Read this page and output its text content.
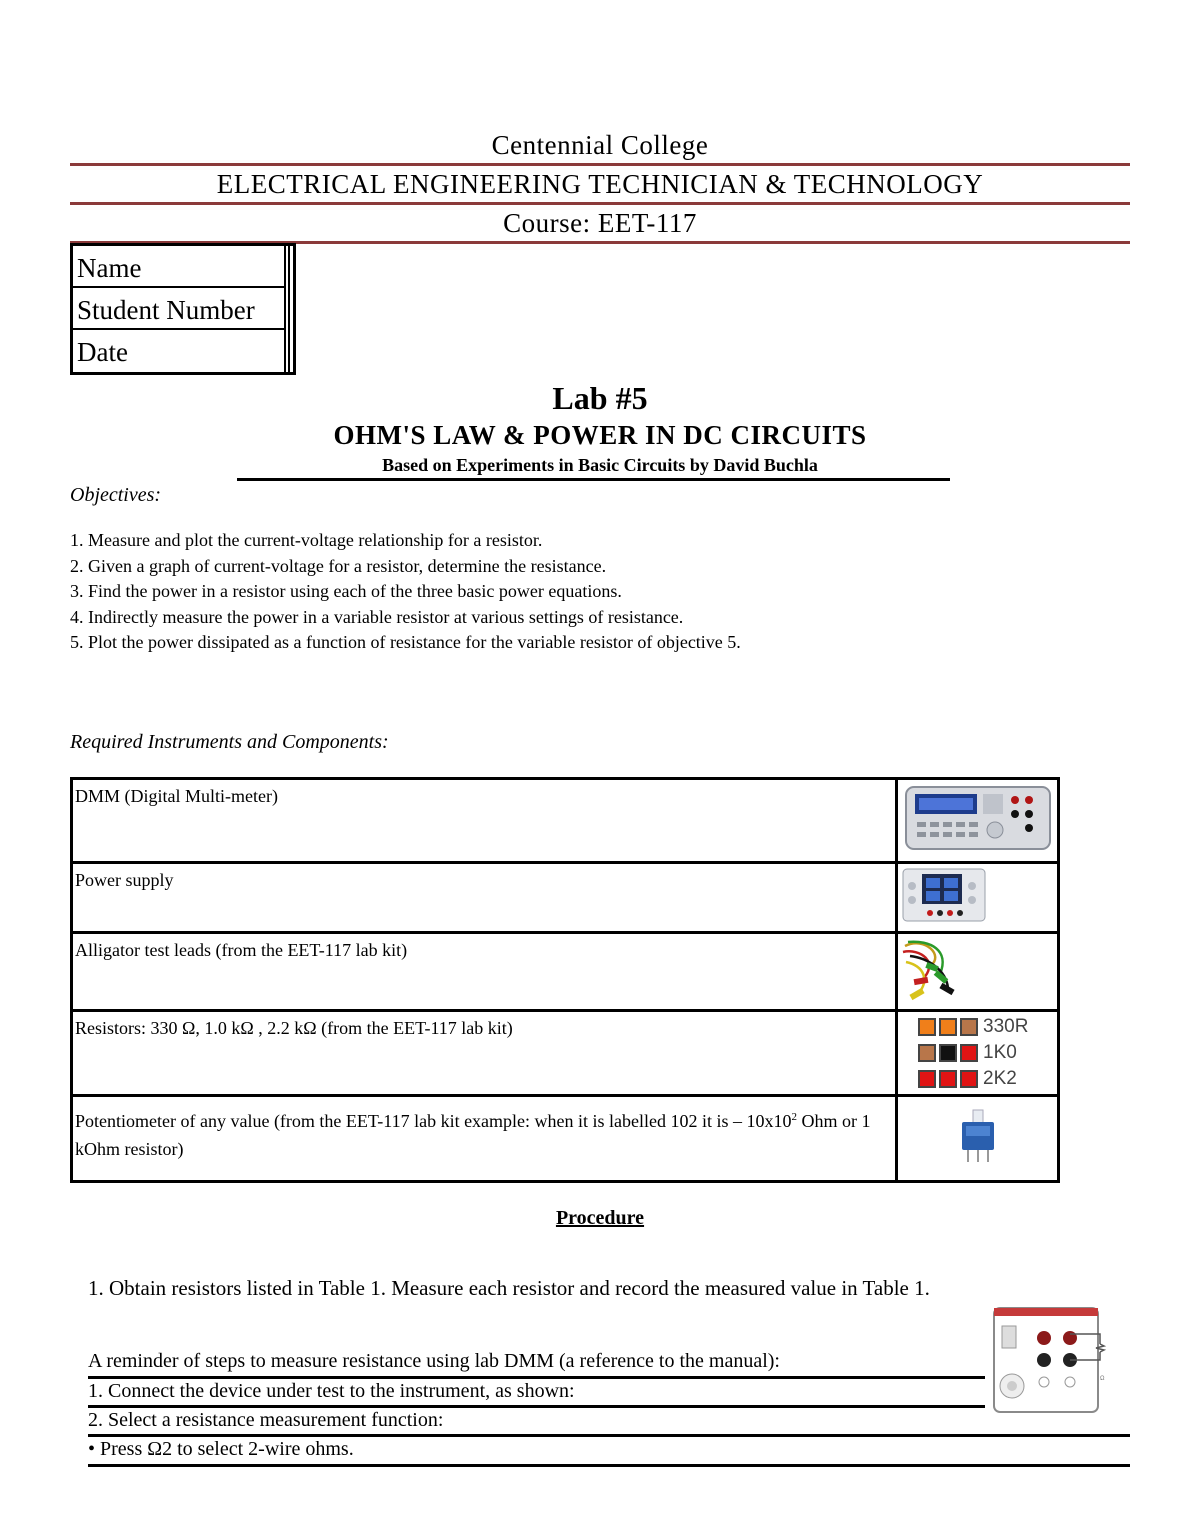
Centennial College
ELECTRICAL ENGINEERING TECHNICIAN & TECHNOLOGY
Course: EET-117
Name
Student Number
Date
Lab #5
OHM'S LAW & POWER IN DC CIRCUITS
Based on Experiments in Basic Circuits by David Buchla
Objectives:
1. Measure and plot the current-voltage relationship for a resistor.
2. Given a graph of current-voltage for a resistor, determine the resistance.
3. Find the power in a resistor using each of the three basic power equations.
4. Indirectly measure the power in a variable resistor at various settings of resistance.
5. Plot the power dissipated as a function of resistance for the variable resistor of objective 5.
Required Instruments and Components:
DMM (Digital Multi-meter)	
Power supply	
Alligator test leads (from the EET-117 lab kit)	
Resistors: 330 Ω, 1.0 kΩ , 2.2 kΩ (from the EET-117 lab kit)	330R
1K0
2K2

Potentiometer of any value (from the EET-117 lab kit example: when it is labelled 102 it is – $10x10^2$ Ohm or 1 kOhm resistor)	
Procedure
1. Obtain resistors listed in Table 1. Measure each resistor and record the measured value in Table 1.
A reminder of steps to measure resistance using lab DMM (a reference to the manual):
1. Connect the device under test to the instrument, as shown:
2. Select a resistance measurement function:
• Press Ω2 to select 2-wire ohms.
Ω
